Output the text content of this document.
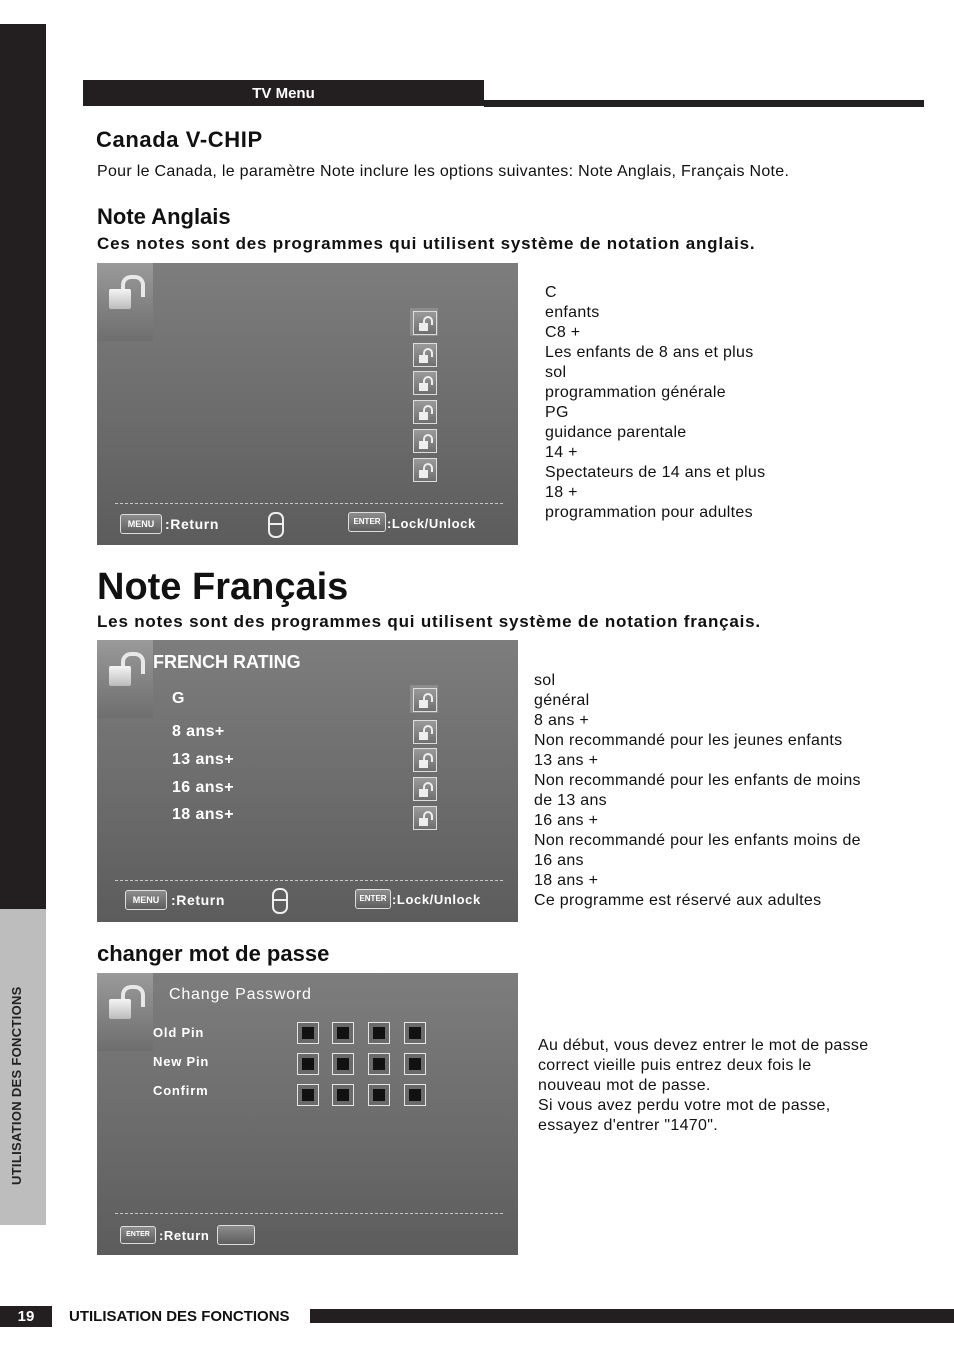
UTILISATION DES FONCTIONS
TV Menu
Canada V-CHIP
Pour le Canada, le paramètre Note inclure les options suivantes: Note Anglais, Français Note.
Note Anglais
Ces notes sont des programmes qui utilisent système de notation anglais.
MENU :Return	ENTER :Lock/Unlock
C
enfants
C8 +
Les enfants de 8 ans et plus
sol
programmation générale
PG
guidance parentale
14 +
Spectateurs de 14 ans et plus
18 +
programmation pour adultes
Note Français
Les notes sont des programmes qui utilisent système de notation français.
FRENCH RATING
G
8 ans+
13 ans+
16 ans+
18 ans+
MENU :Return	ENTER :Lock/Unlock
sol
général
8 ans +
Non recommandé pour les jeunes enfants
13 ans +
Non recommandé pour les enfants de moins
de 13 ans
16 ans +
Non recommandé pour les enfants moins de
16 ans
18 ans +
Ce programme est réservé aux adultes
changer mot de passe
Change Password
Old Pin
New Pin
Confirm
ENTER :Return
Au début, vous devez entrer le mot de passe
correct vieille puis entrez deux fois le
nouveau mot de passe.
Si vous avez perdu votre mot de passe,
essayez d'entrer "1470".
19	UTILISATION DES FONCTIONS
